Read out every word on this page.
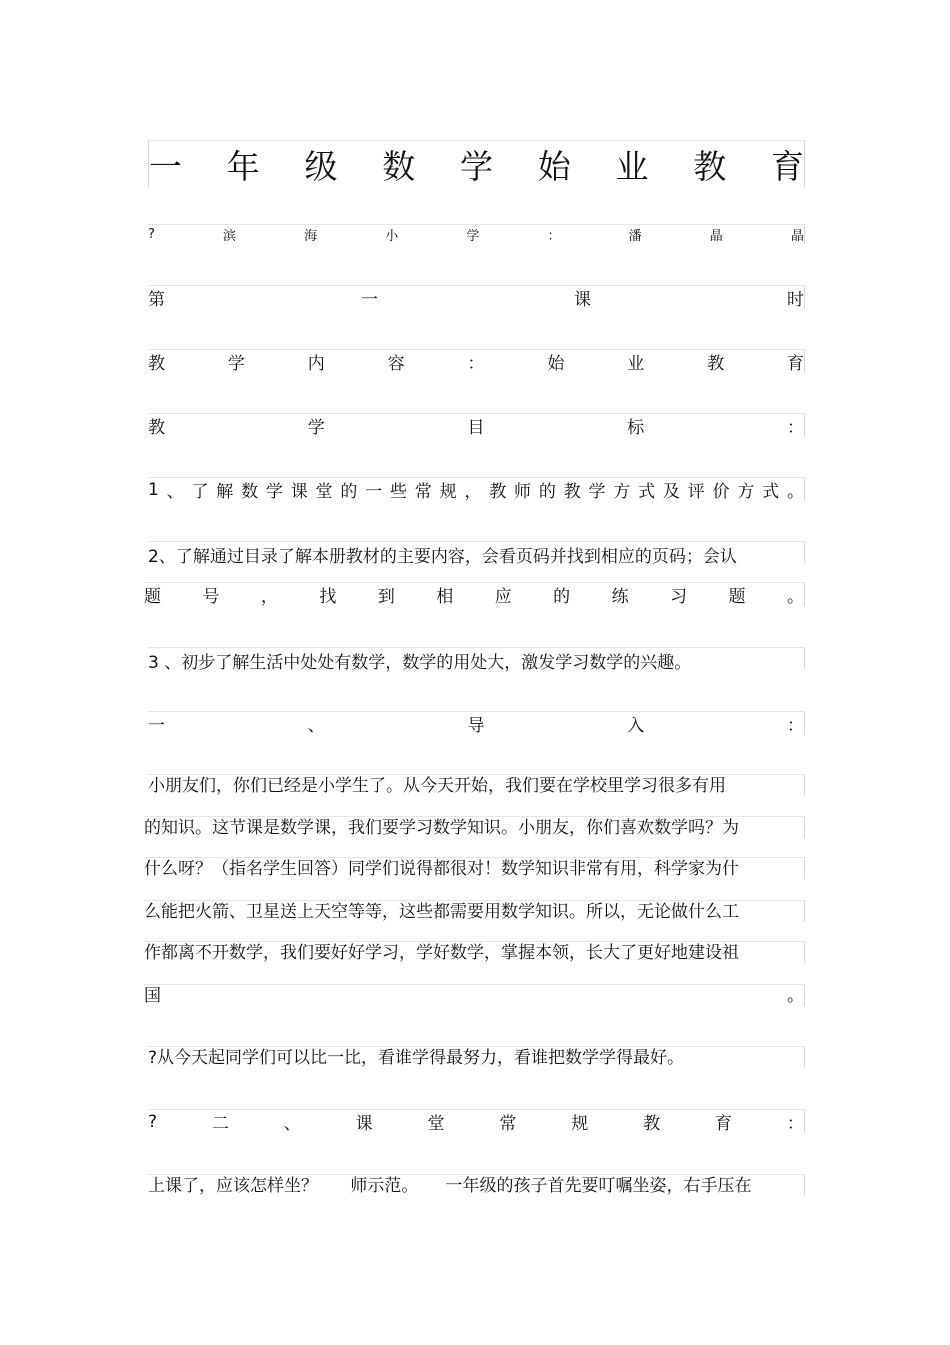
一 年 级 数 学 始 业 教 育
?	滨	海	小	学	：	潘	晶	晶
第	一	课	时
教	学	内	容	：	始	业	教	育
教	学	目	标	：
1 、 了 解 数 学 课 堂 的 一 些 常 规 ， 教 师 的 教 学 方 式 及 评 价 方 式 。
2、了解通过目录了解本册教材的主要内容，会看页码并找到相应的页码；会认
题 号 ， 找 到 相 应 的 练 习 题 。
3 、初步了解生活中处处有数学，数学的用处大，激发学习数学的兴趣。
一	、	导	入	：
小朋友们，你们已经是小学生了。从今天开始，我们要在学校里学习很多有用
的知识。这节课是数学课，我们要学习数学知识。小朋友，你们喜欢数学吗？为
什么呀？（指名学生回答）同学们说得都很对！数学知识非常有用，科学家为什
么能把火箭、卫星送上天空等等，这些都需要用数学知识。所以，无论做什么工
作都离不开数学，我们要好好学习，学好数学，掌握本领，长大了更好地建设祖
国	。
?从今天起同学们可以比一比，看谁学得最努力，看谁把数学学得最好。
?	二	、	课	堂	常	规	教	育	：
上课了，应该怎样坐？      师示范。     一年级的孩子首先要叮嘱坐姿，右手压在
